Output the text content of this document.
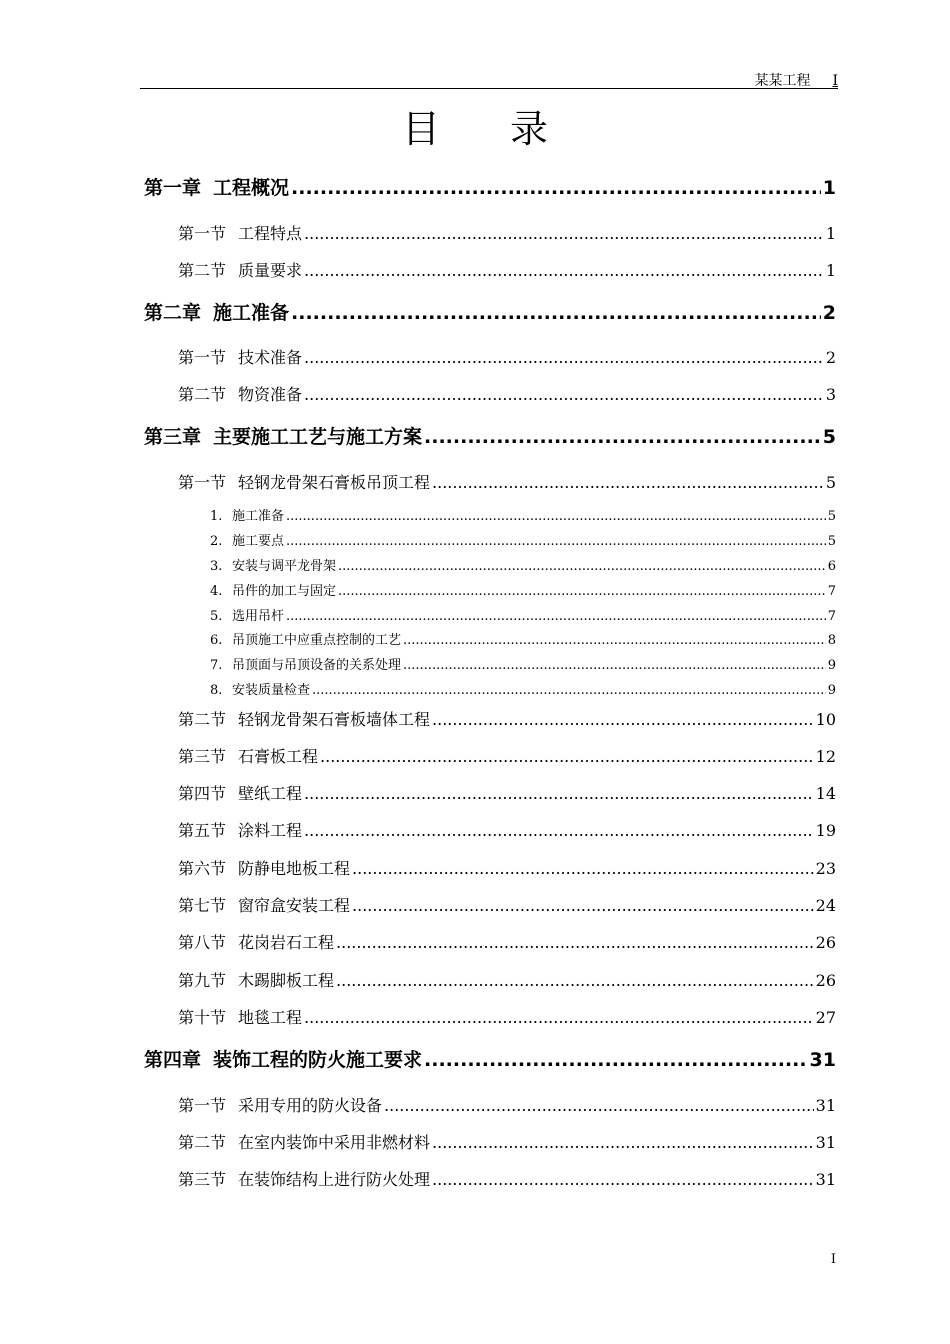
某某工程 I
目录
第一章 工程概况 .....	1
第一节 工程特点 .....	1
第二节 质量要求 .....	1
第二章 施工准备 .....	2
第一节 技术准备 .....	2
第二节 物资准备 .....	3
第三章 主要施工工艺与施工方案 .....	5
第一节 轻钢龙骨架石膏板吊顶工程 .....	5
1. 施工准备 .....	5
2. 施工要点 .....	5
3. 安装与调平龙骨架 .....	6
4. 吊件的加工与固定 .....	7
5. 选用吊杆 .....	7
6. 吊顶施工中应重点控制的工艺 .....	8
7. 吊顶面与吊顶设备的关系处理 .....	9
8. 安装质量检查 .....	9
第二节 轻钢龙骨架石膏板墙体工程 .....	10
第三节 石膏板工程 .....	12
第四节 壁纸工程 .....	14
第五节 涂料工程 .....	19
第六节 防静电地板工程 .....	23
第七节 窗帘盒安装工程 .....	24
第八节 花岗岩石工程 .....	26
第九节 木踢脚板工程 .....	26
第十节 地毯工程 .....	27
第四章 装饰工程的防火施工要求 .....	31
第一节 采用专用的防火设备 .....	31
第二节 在室内装饰中采用非燃材料 .....	31
第三节 在装饰结构上进行防火处理 .....	31
I
